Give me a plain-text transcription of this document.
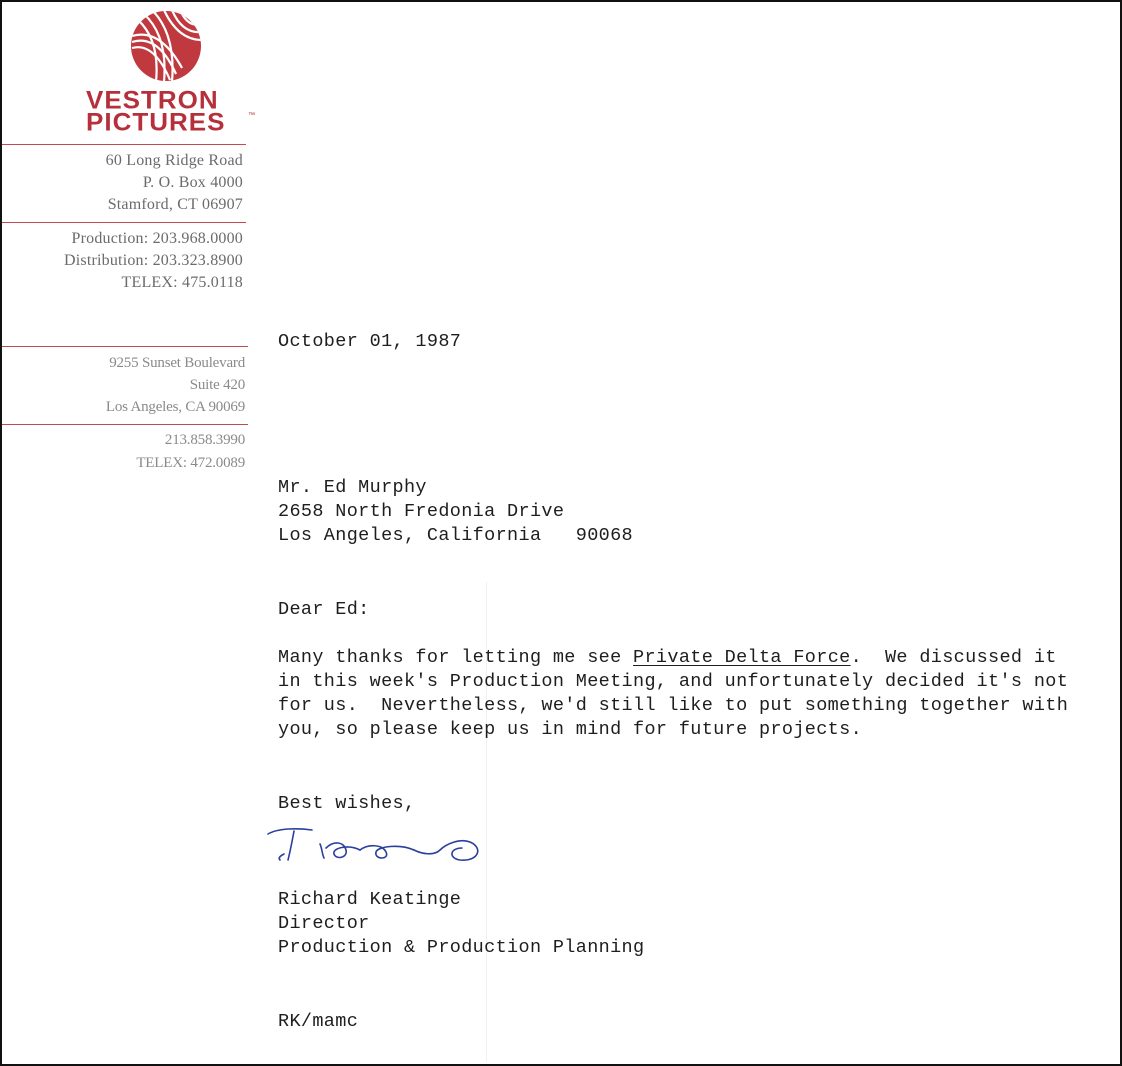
VESTRON
PICTURES	™
60 Long Ridge Road
P. O. Box 4000
Stamford, CT 06907
Production: 203.968.0000
Distribution: 203.323.8900
TELEX: 475.0118
9255 Sunset Boulevard
Suite 420
Los Angeles, CA 90069
213.858.3990
TELEX: 472.0089
October 01, 1987
Mr. Ed Murphy
2658 North Fredonia Drive
Los Angeles, California   90068
Dear Ed:
Many thanks for letting me see Private Delta Force.  We discussed it
in this week's Production Meeting, and unfortunately decided it's not
for us.  Nevertheless, we'd still like to put something together with
you, so please keep us in mind for future projects.
Best wishes,
Richard Keatinge
Director
Production & Production Planning
RK/mamc
